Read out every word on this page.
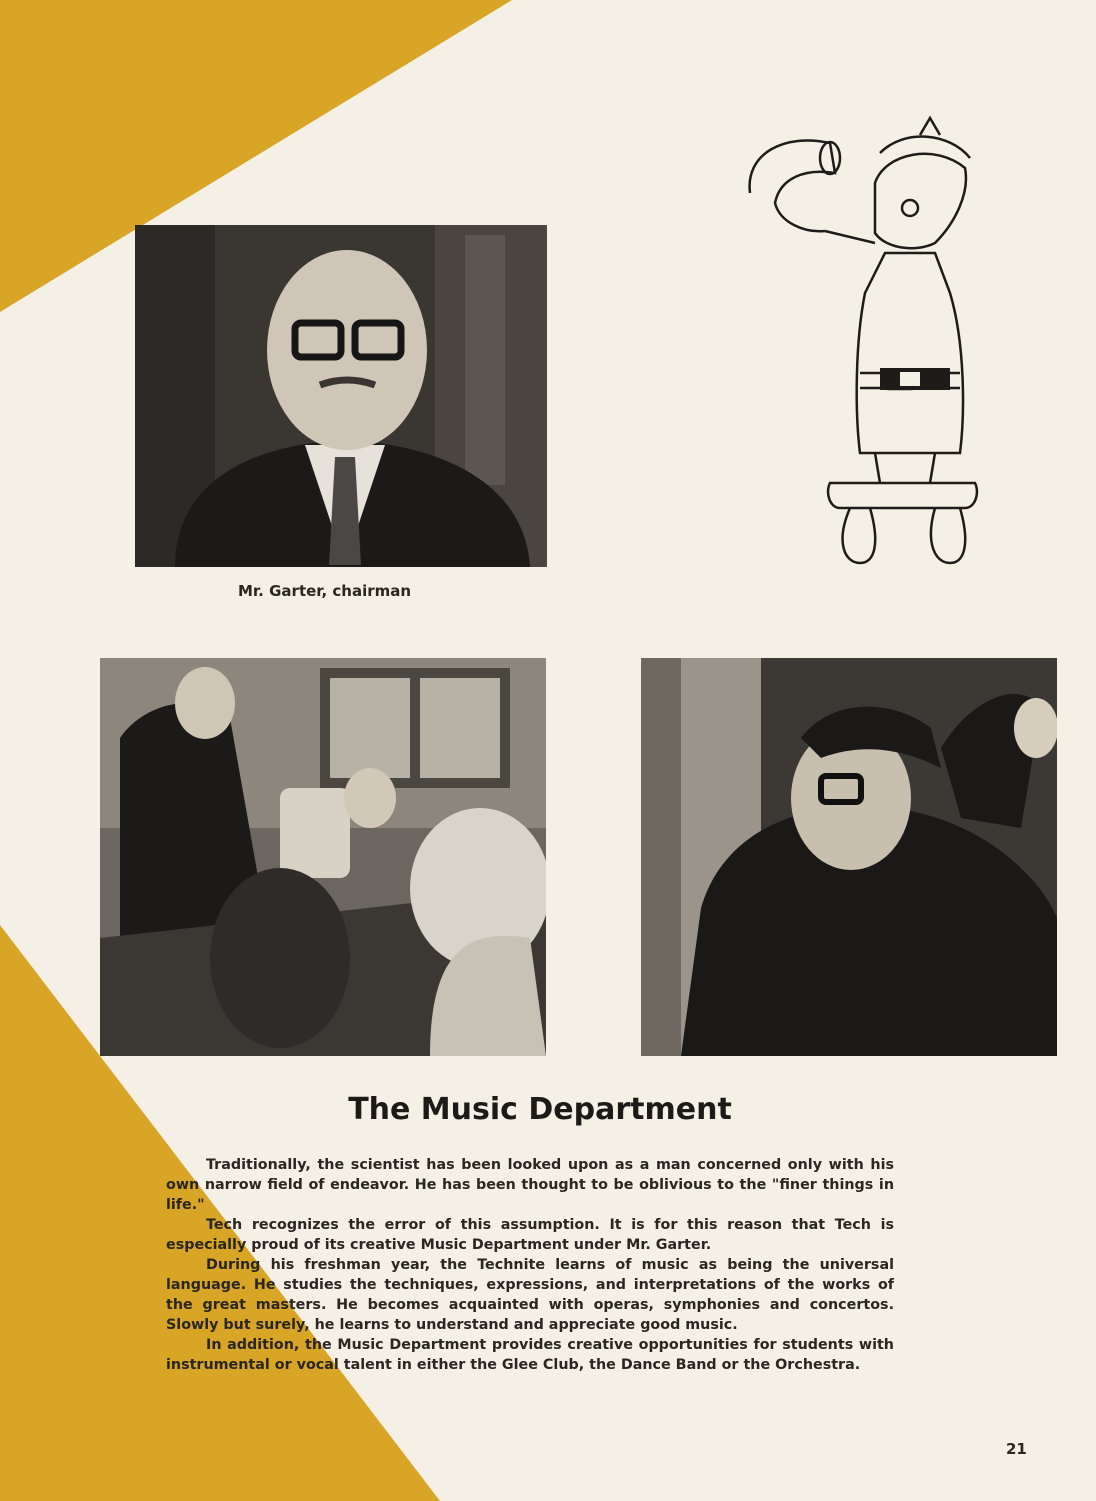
Mr. Garter, chairman
The Music Department

Traditionally, the scientist has been looked upon as a man concerned only with his own narrow field of endeavor. He has been thought to be oblivious to the "finer things in life."

Tech recognizes the error of this assumption. It is for this reason that Tech is especially proud of its creative Music Department under Mr. Garter.

During his freshman year, the Technite learns of music as being the universal language. He studies the techniques, expressions, and interpretations of the works of the great masters. He becomes acquainted with operas, symphonies and concertos. Slowly but surely, he learns to understand and appreciate good music.

In addition, the Music Department provides creative opportunities for students with instrumental or vocal talent in either the Glee Club, the Dance Band or the Orchestra.

21
